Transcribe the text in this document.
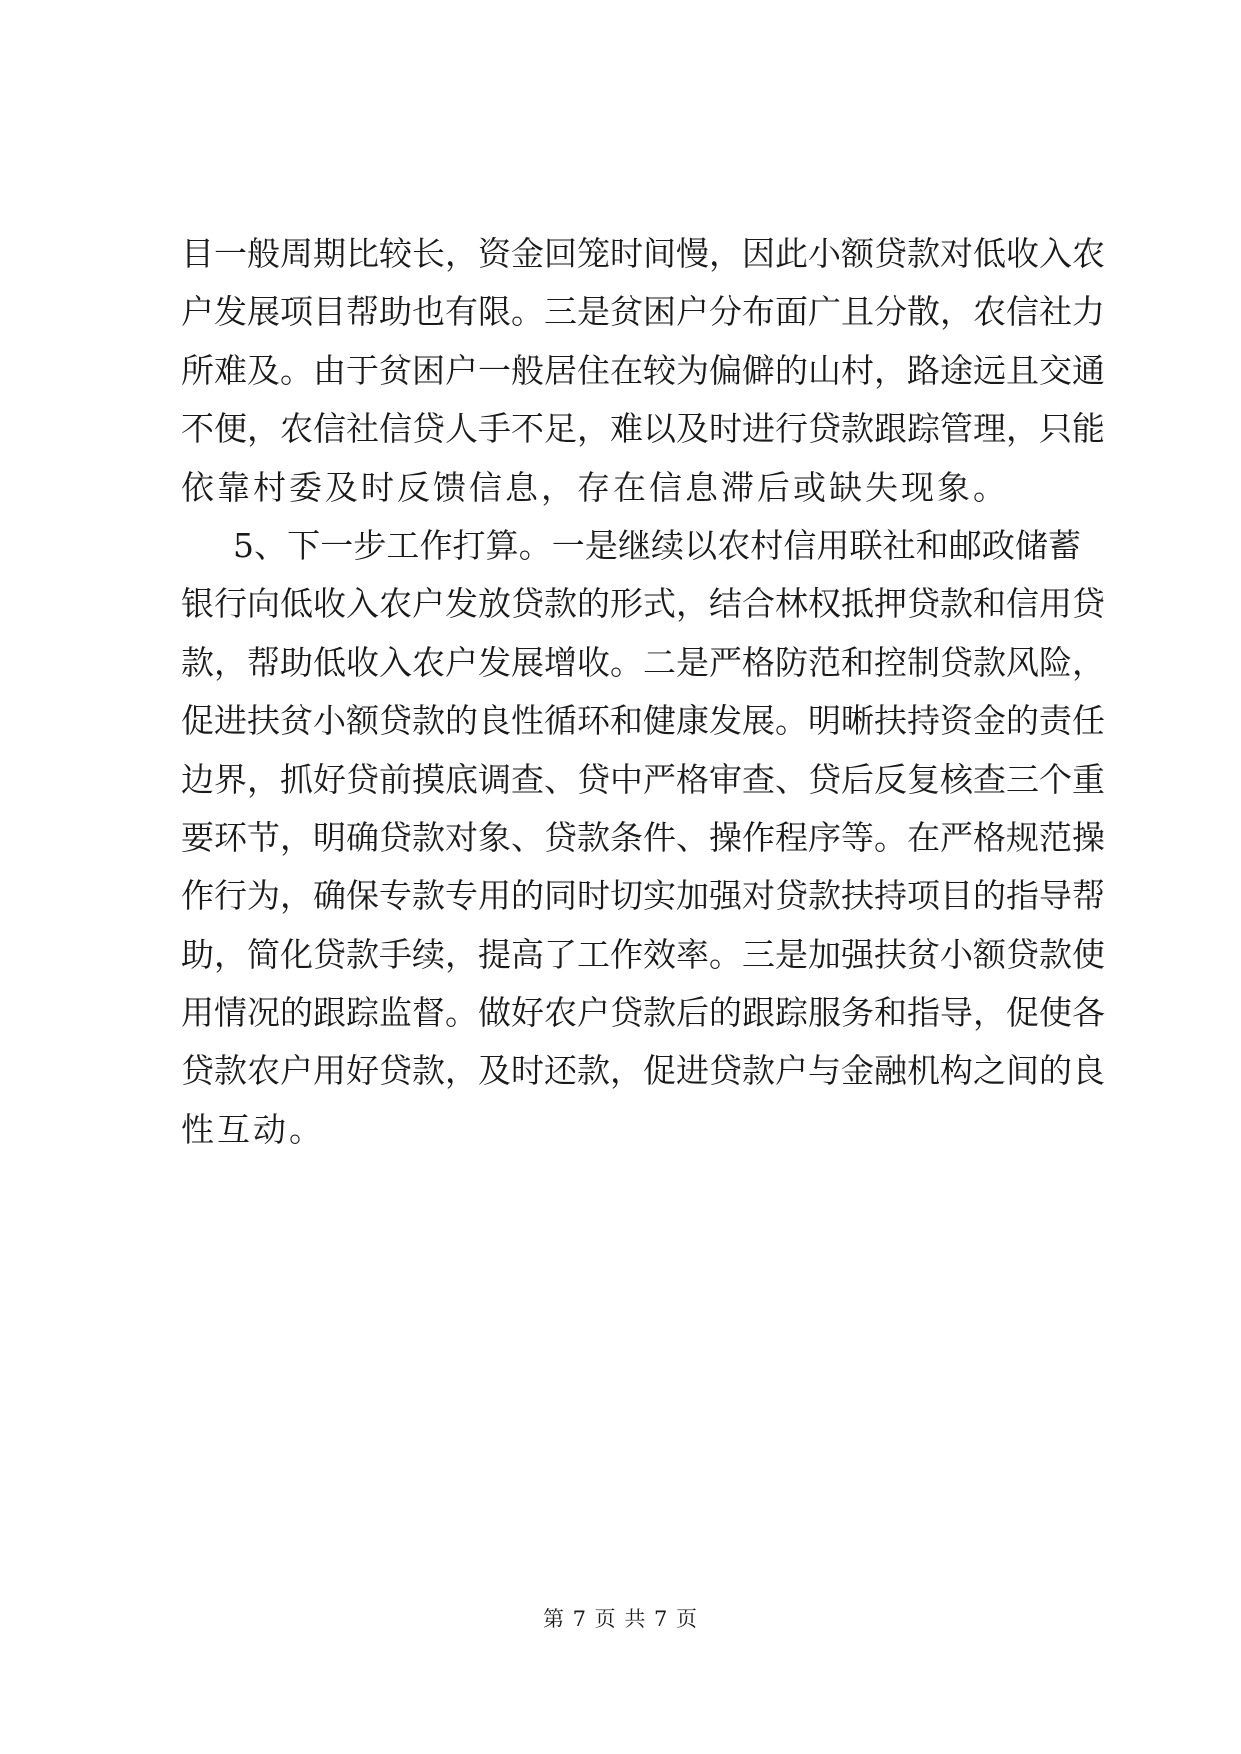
目一般周期比较长，资金回笼时间慢，因此小额贷款对低收入农
户发展项目帮助也有限。三是贫困户分布面广且分散，农信社力
所难及。由于贫困户一般居住在较为偏僻的山村，路途远且交通
不便，农信社信贷人手不足，难以及时进行贷款跟踪管理，只能
依靠村委及时反馈信息，存在信息滞后或缺失现象。
5、下一步工作打算。一是继续以农村信用联社和邮政储蓄
银行向低收入农户发放贷款的形式，结合林权抵押贷款和信用贷
款，帮助低收入农户发展增收。二是严格防范和控制贷款风险，
促进扶贫小额贷款的良性循环和健康发展。明晰扶持资金的责任
边界，抓好贷前摸底调查、贷中严格审查、贷后反复核查三个重
要环节，明确贷款对象、贷款条件、操作程序等。在严格规范操
作行为，确保专款专用的同时切实加强对贷款扶持项目的指导帮
助，简化贷款手续，提高了工作效率。三是加强扶贫小额贷款使
用情况的跟踪监督。做好农户贷款后的跟踪服务和指导，促使各
贷款农户用好贷款，及时还款，促进贷款户与金融机构之间的良
性互动。
第 7 页 共 7 页
